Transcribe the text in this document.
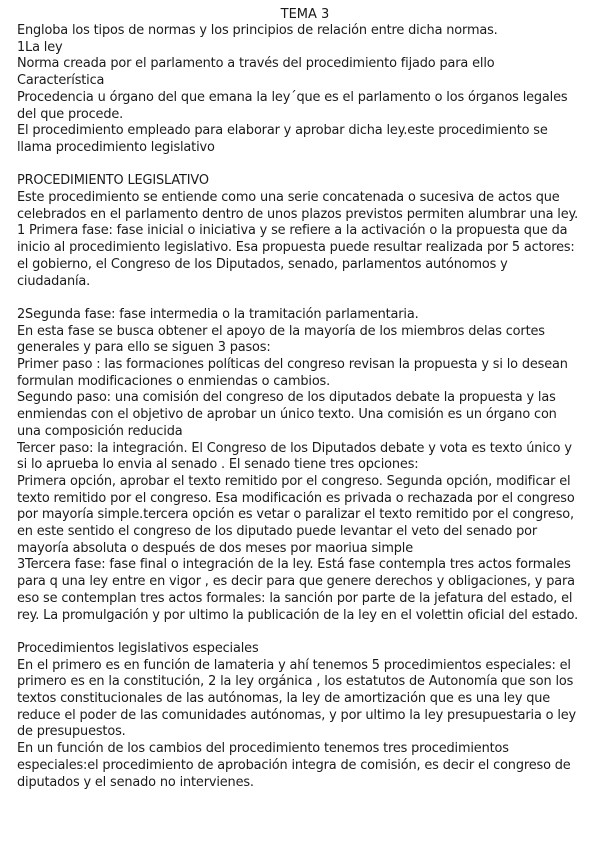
TEMA 3
Engloba los tipos de normas y los principios de relación entre dicha normas.
1La ley
Norma creada por el parlamento a través del procedimiento fijado para ello
Característica
Procedencia u órgano del que emana la ley´que es el parlamento o los órganos legales
del que procede.
El procedimiento empleado para elaborar y aprobar dicha ley.este procedimiento se
llama procedimiento legislativo
PROCEDIMIENTO LEGISLATIVO
Este procedimiento se entiende como una serie concatenada o sucesiva de actos que
celebrados en el parlamento dentro de unos plazos previstos permiten alumbrar una ley.
1 Primera fase: fase inicial o iniciativa y se refiere a la activación o la propuesta que da
inicio al procedimiento legislativo. Esa propuesta puede resultar realizada por 5 actores:
el gobierno, el Congreso de los Diputados, senado, parlamentos autónomos y
ciudadanía.
2Segunda fase: fase intermedia o la tramitación parlamentaria.
En esta fase se busca obtener el apoyo de la mayoría de los miembros delas cortes
generales y para ello se siguen 3 pasos:
Primer paso : las formaciones políticas del congreso revisan la propuesta y si lo desean
formulan modificaciones o enmiendas o cambios.
Segundo paso: una comisión del congreso de los diputados debate la propuesta y las
enmiendas con el objetivo de aprobar un único texto. Una comisión es un órgano con
una composición reducida
Tercer paso: la integración. El Congreso de los Diputados debate y vota es texto único y
si lo aprueba lo envia al senado . El senado tiene tres opciones:
Primera opción, aprobar el texto remitido por el congreso. Segunda opción, modificar el
texto remitido por el congreso. Esa modificación es privada o rechazada por el congreso
por mayoría simple.tercera opción es vetar o paralizar el texto remitido por el congreso,
en este sentido el congreso de los diputado puede levantar el veto del senado por
mayoría absoluta o después de dos meses por maoriua simple
3Tercera fase: fase final o integración de la ley. Está fase contempla tres actos formales
para q una ley entre en vigor , es decir para que genere derechos y obligaciones, y para
eso se contemplan tres actos formales: la sanción por parte de la jefatura del estado, el
rey. La promulgación y por ultimo la publicación de la ley en el volettin oficial del estado.
Procedimientos legislativos especiales
En el primero es en función de lamateria y ahí tenemos 5 procedimientos especiales: el
primero es en la constitución, 2 la ley orgánica , los estatutos de Autonomía que son los
textos constitucionales de las autónomas, la ley de amortización que es una ley que
reduce el poder de las comunidades autónomas, y por ultimo la ley presupuestaria o ley
de presupuestos.
En un función de los cambios del procedimiento tenemos tres procedimientos
especiales:el procedimiento de aprobación integra de comisión, es decir el congreso de
diputados y el senado no intervienes.
